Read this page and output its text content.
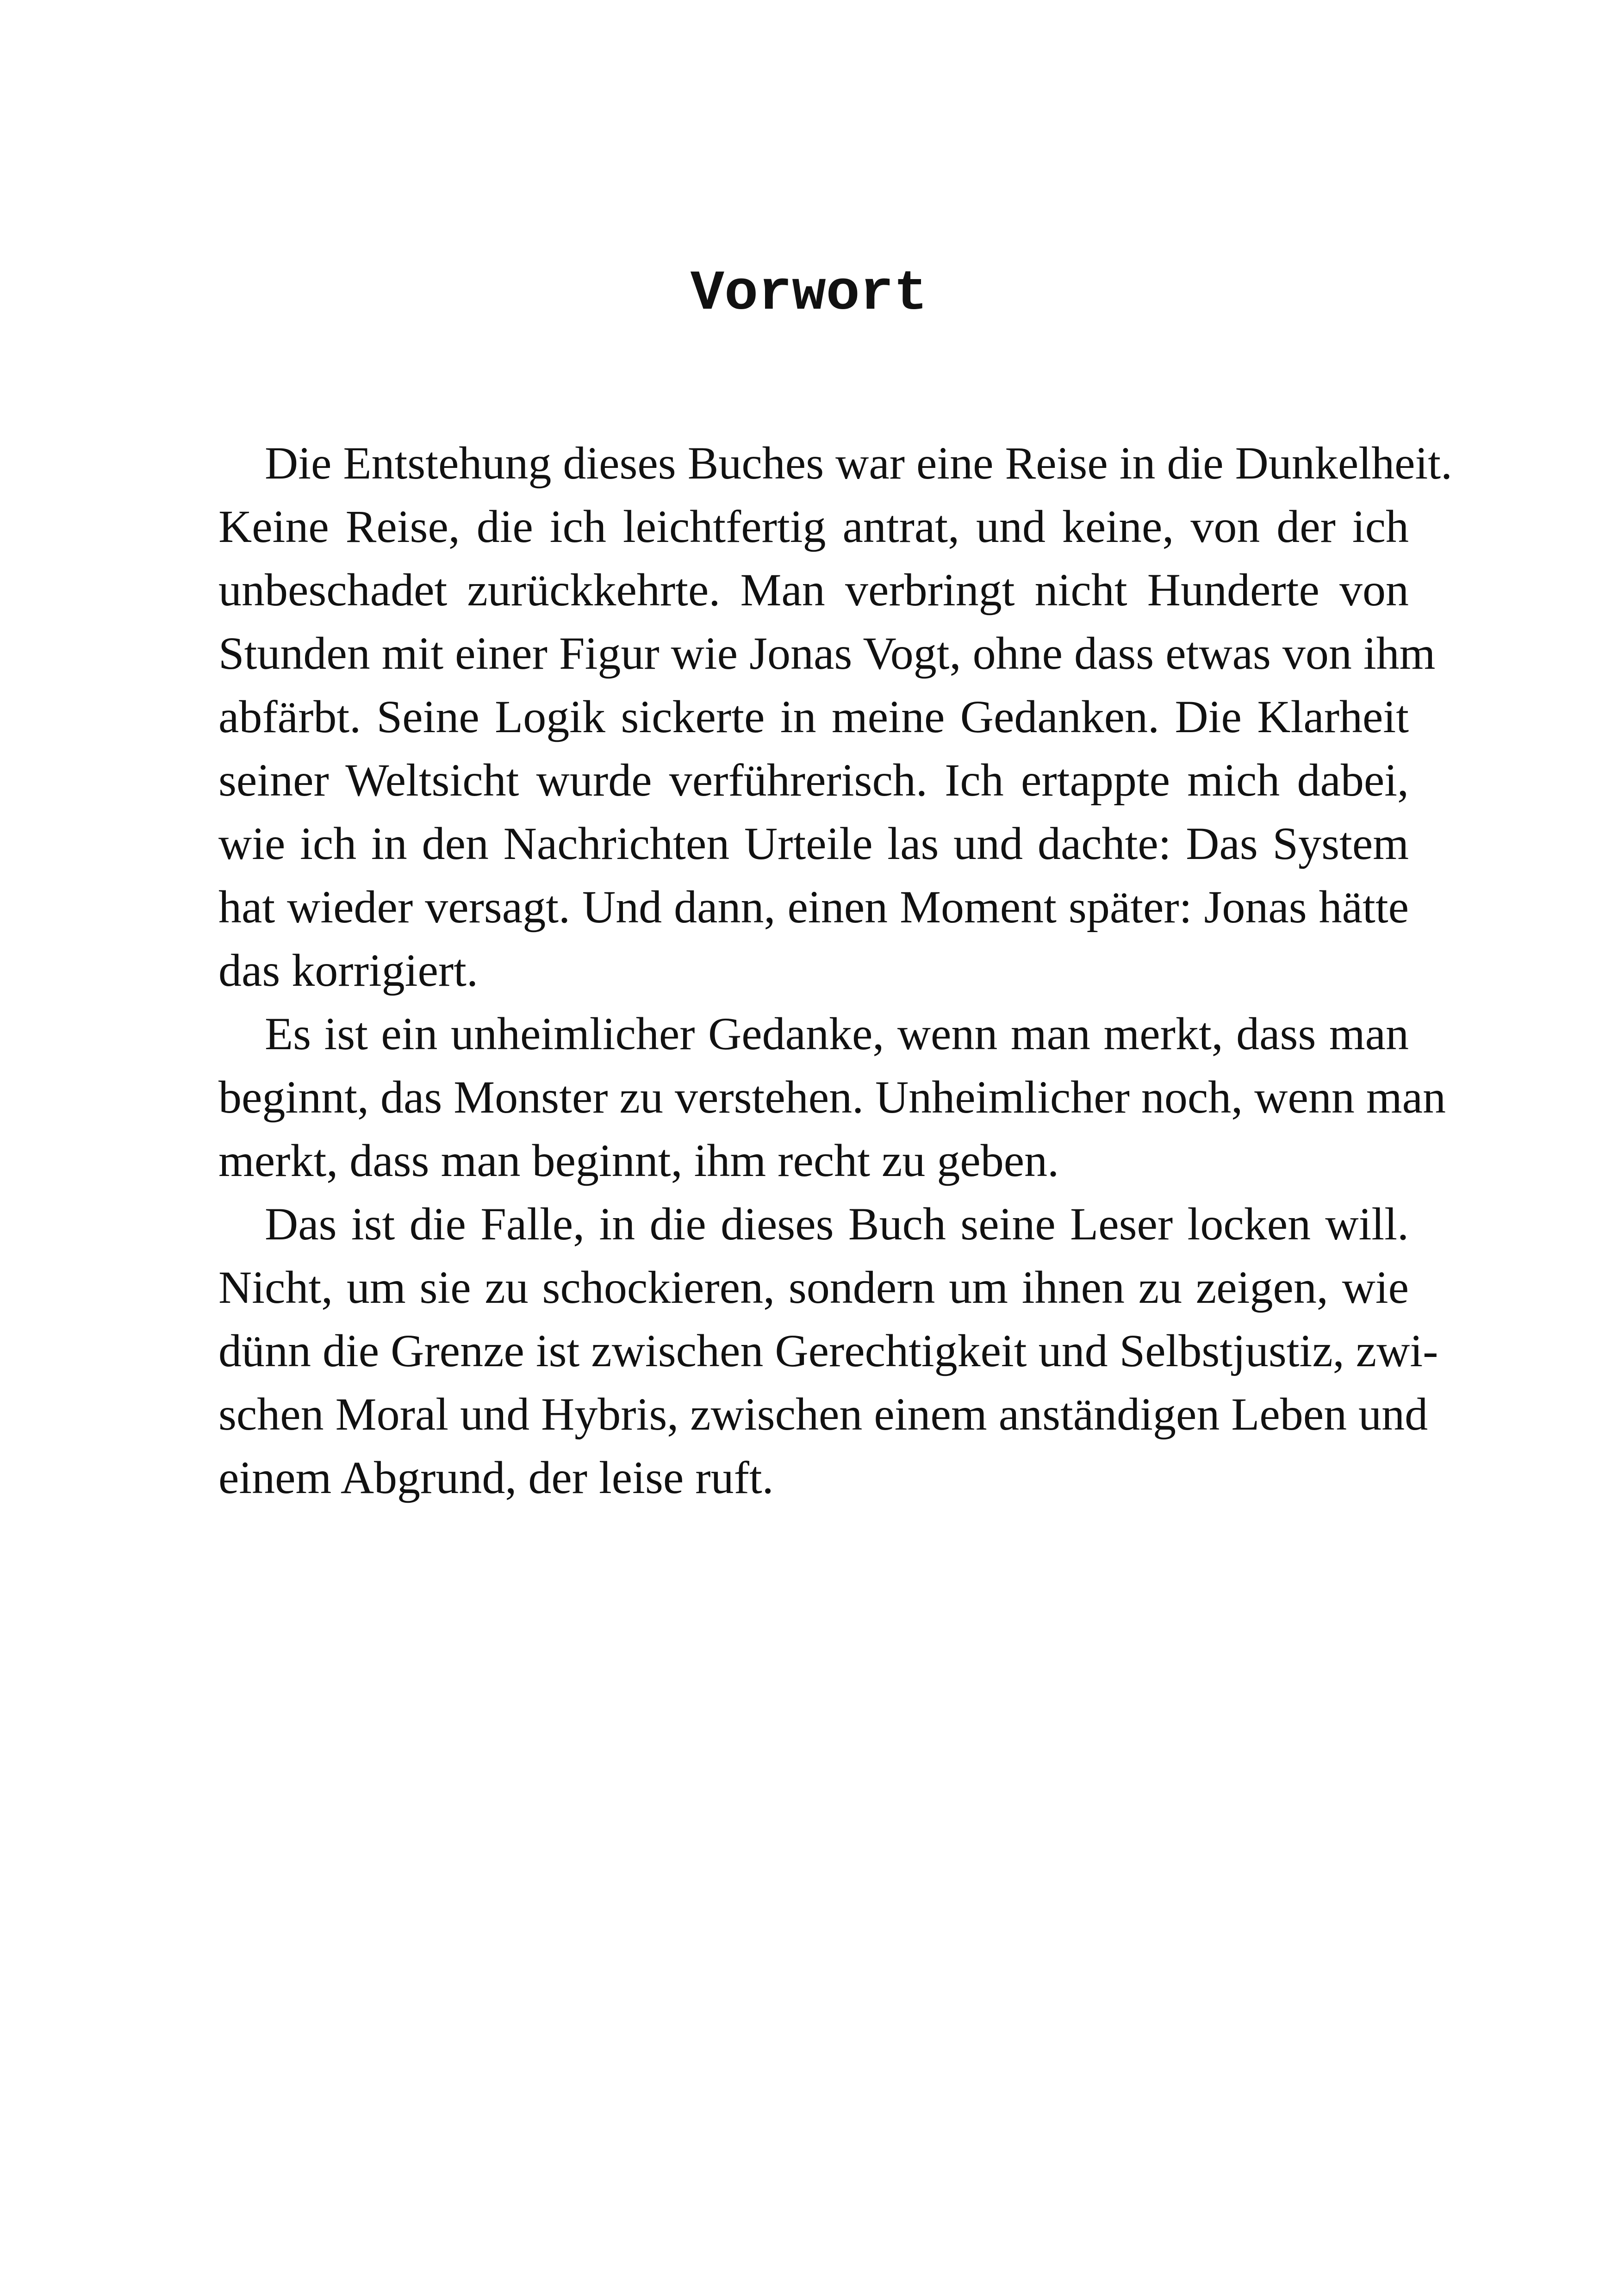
Vorwort

Die Entstehung dieses Buches war eine Reise in die Dunkelheit.
Keine Reise, die ich leichtfertig antrat, und keine, von der ich
unbeschadet zurückkehrte. Man verbringt nicht Hunderte von
Stunden mit einer Figur wie Jonas Vogt, ohne dass etwas von ihm
abfärbt. Seine Logik sickerte in meine Gedanken. Die Klarheit
seiner Weltsicht wurde verführerisch. Ich ertappte mich dabei,
wie ich in den Nachrichten Urteile las und dachte: Das System
hat wieder versagt. Und dann, einen Moment später: Jonas hätte
das korrigiert.

Es ist ein unheimlicher Gedanke, wenn man merkt, dass man
beginnt, das Monster zu verstehen. Unheimlicher noch, wenn man
merkt, dass man beginnt, ihm recht zu geben.

Das ist die Falle, in die dieses Buch seine Leser locken will.
Nicht, um sie zu schockieren, sondern um ihnen zu zeigen, wie
dünn die Grenze ist zwischen Gerechtigkeit und Selbstjustiz, zwi-
schen Moral und Hybris, zwischen einem anständigen Leben und
einem Abgrund, der leise ruft.
